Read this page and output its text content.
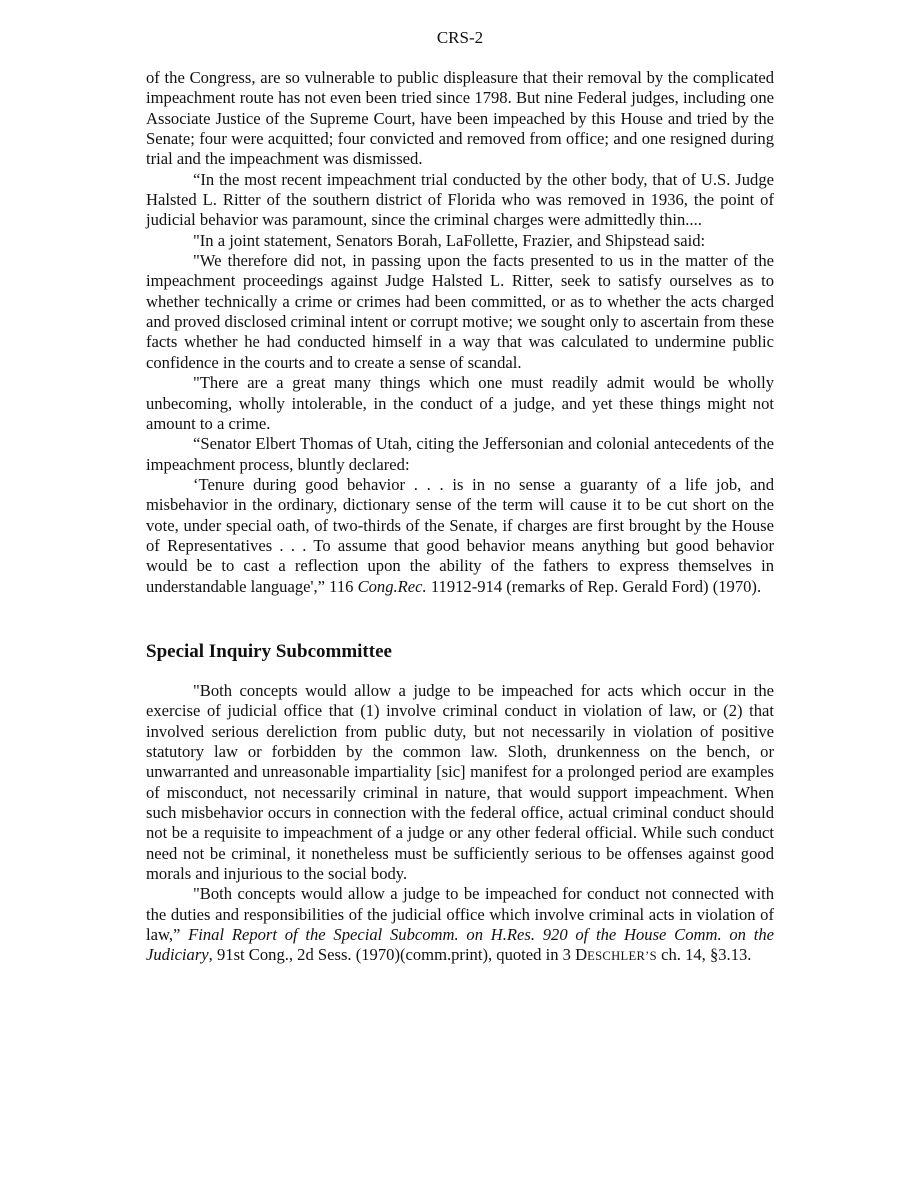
CRS-2

of the Congress, are so vulnerable to public displeasure that their removal by the complicated impeachment route has not even been tried since 1798. But nine Federal judges, including one Associate Justice of the Supreme Court, have been impeached by this House and tried by the Senate; four were acquitted; four convicted and removed from office; and one resigned during trial and the impeachment was dismissed.

“In the most recent impeachment trial conducted by the other body, that of U.S. Judge Halsted L. Ritter of the southern district of Florida who was removed in 1936, the point of judicial behavior was paramount, since the criminal charges were admittedly thin....

"In a joint statement, Senators Borah, LaFollette, Frazier, and Shipstead said:

"We therefore did not, in passing upon the facts presented to us in the matter of the impeachment proceedings against Judge Halsted L. Ritter, seek to satisfy ourselves as to whether technically a crime or crimes had been committed, or as to whether the acts charged and proved disclosed criminal intent or corrupt motive; we sought only to ascertain from these facts whether he had conducted himself in a way that was calculated to undermine public confidence in the courts and to create a sense of scandal.

"There are a great many things which one must readily admit would be wholly unbecoming, wholly intolerable, in the conduct of a judge, and yet these things might not amount to a crime.

“Senator Elbert Thomas of Utah, citing the Jeffersonian and colonial antecedents of the impeachment process, bluntly declared:

‘Tenure during good behavior . . . is in no sense a guaranty of a life job, and misbehavior in the ordinary, dictionary sense of the term will cause it to be cut short on the vote, under special oath, of two-thirds of the Senate, if charges are first brought by the House of Representatives . . . To assume that good behavior means anything but good behavior would be to cast a reflection upon the ability of the fathers to express themselves in understandable language',” 116 Cong.Rec. 11912-914 (remarks of Rep. Gerald Ford) (1970).

Special Inquiry Subcommittee

"Both concepts would allow a judge to be impeached for acts which occur in the exercise of judicial office that (1) involve criminal conduct in violation of law, or (2) that involved serious dereliction from public duty, but not necessarily in violation of positive statutory law or forbidden by the common law. Sloth, drunkenness on the bench, or unwarranted and unreasonable impartiality [sic] manifest for a prolonged period are examples of misconduct, not necessarily criminal in nature, that would support impeachment. When such misbehavior occurs in connection with the federal office, actual criminal conduct should not be a requisite to impeachment of a judge or any other federal official. While such conduct need not be criminal, it nonetheless must be sufficiently serious to be offenses against good morals and injurious to the social body.

"Both concepts would allow a judge to be impeached for conduct not connected with the duties and responsibilities of the judicial office which involve criminal acts in violation of law,” Final Report of the Special Subcomm. on H.Res. 920 of the House Comm. on the Judiciary, 91st Cong., 2d Sess. (1970)(comm.print), quoted in 3 DESCHLER’S ch. 14, §3.13.
